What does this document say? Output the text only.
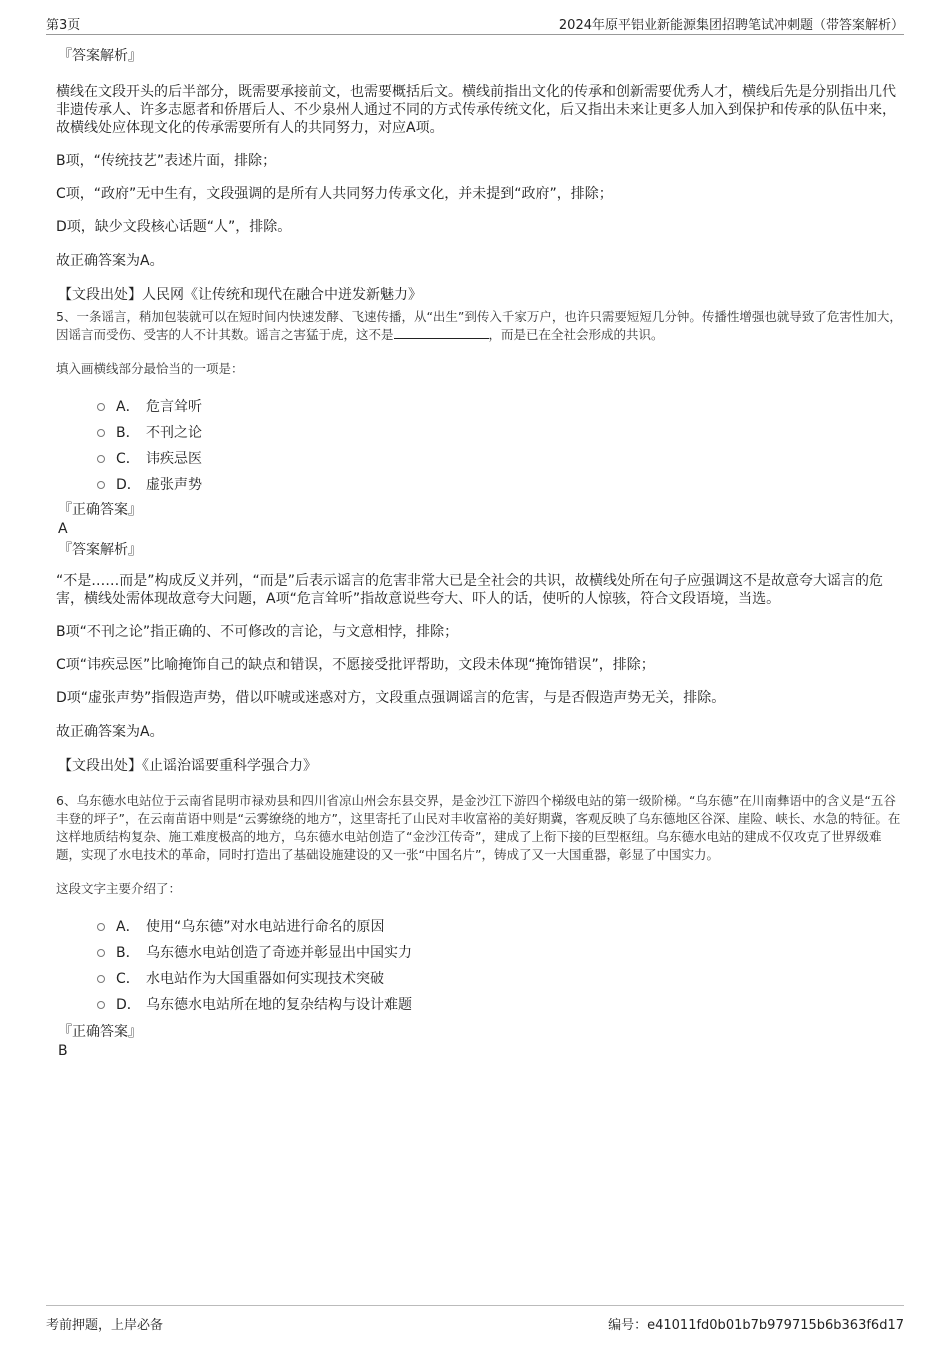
第3页	2024年原平铝业新能源集团招聘笔试冲刺题（带答案解析）
『答案解析』

横线在文段开头的后半部分，既需要承接前文，也需要概括后文。横线前指出文化的传承和创新需要优秀人才，横线后先是分别指出几代非遗传承人、许多志愿者和侨厝后人、不少泉州人通过不同的方式传承传统文化，后又指出未来让更多人加入到保护和传承的队伍中来，故横线处应体现文化的传承需要所有人的共同努力，对应A项。

B项，“传统技艺”表述片面，排除；

C项，“政府”无中生有，文段强调的是所有人共同努力传承文化，并未提到“政府”，排除；

D项，缺少文段核心话题“人”，排除。

故正确答案为A。

【文段出处】人民网《让传统和现代在融合中迸发新魅力》

5、一条谣言，稍加包装就可以在短时间内快速发酵、飞速传播，从“出生”到传入千家万户，也许只需要短短几分钟。传播性增强也就导致了危害性加大，因谣言而受伤、受害的人不计其数。谣言之害猛于虎，这不是	，而是已在全社会形成的共识。

填入画横线部分最恰当的一项是：

A． 危言耸听
B． 不刊之论
C． 讳疾忌医
D． 虚张声势
『正确答案』
A
『答案解析』

“不是……而是”构成反义并列，“而是”后表示谣言的危害非常大已是全社会的共识，故横线处所在句子应强调这不是故意夸大谣言的危害，横线处需体现故意夸大问题，A项“危言耸听”指故意说些夸大、吓人的话，使听的人惊骇，符合文段语境，当选。

B项“不刊之论”指正确的、不可修改的言论，与文意相悖，排除；

C项“讳疾忌医”比喻掩饰自己的缺点和错误，不愿接受批评帮助，文段未体现“掩饰错误”，排除；

D项“虚张声势”指假造声势，借以吓唬或迷惑对方，文段重点强调谣言的危害，与是否假造声势无关，排除。

故正确答案为A。

【文段出处】《止谣治谣要重科学强合力》

6、乌东德水电站位于云南省昆明市禄劝县和四川省凉山州会东县交界，是金沙江下游四个梯级电站的第一级阶梯。“乌东德”在川南彝语中的含义是“五谷丰登的坪子”，在云南苗语中则是“云雾缭绕的地方”，这里寄托了山民对丰收富裕的美好期冀，客观反映了乌东德地区谷深、崖险、峡长、水急的特征。在这样地质结构复杂、施工难度极高的地方，乌东德水电站创造了“金沙江传奇”，建成了上衔下接的巨型枢纽。乌东德水电站的建成不仅攻克了世界级难题，实现了水电技术的革命，同时打造出了基础设施建设的又一张“中国名片”，铸成了又一大国重器，彰显了中国实力。

这段文字主要介绍了：

A． 使用“乌东德”对水电站进行命名的原因
B． 乌东德水电站创造了奇迹并彰显出中国实力
C． 水电站作为大国重器如何实现技术突破
D． 乌东德水电站所在地的复杂结构与设计难题
『正确答案』
B
考前押题，上岸必备	编号：e41011fd0b01b7b979715b6b363f6d17
